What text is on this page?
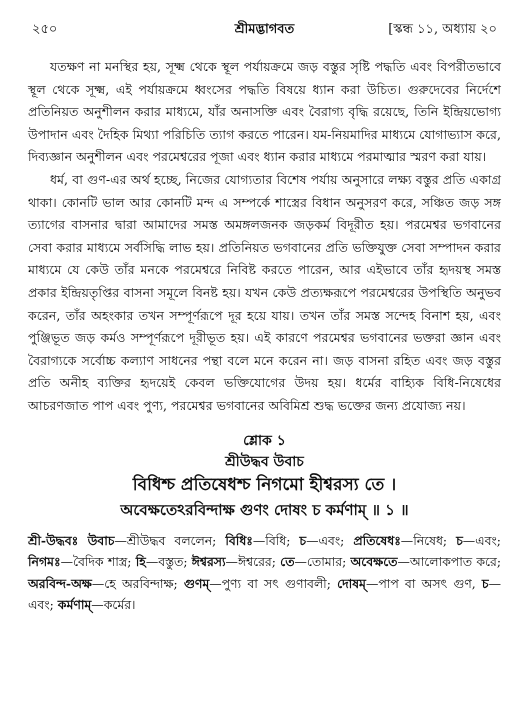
২৫০	শ্রীমদ্ভাগবত	[স্কন্ধ ১১, অধ্যায় ২০

যতক্ষণ না মনস্থির হয়, সূক্ষ্ম থেকে স্থূল পর্যায়ক্রমে জড় বস্তুর সৃষ্টি পদ্ধতি এবং বিপরীতভাবে স্থূল থেকে সূক্ষ্ম, এই পর্যায়ক্রমে ধ্বংসের পদ্ধতি বিষয়ে ধ্যান করা উচিত। গুরুদেবের নির্দেশে প্রতিনিয়ত অনুশীলন করার মাধ্যমে, যাঁর অনাসক্তি এবং বৈরাগ্য বৃদ্ধি রয়েছে, তিনি ইন্দ্রিয়ভোগ্য উপাদান এবং দৈহিক মিথ্যা পরিচিতি ত্যাগ করতে পারেন। যম-নিয়মাদির মাধ্যমে যোগাভ্যাস করে, দিব্যজ্ঞান অনুশীলন এবং পরমেশ্বরের পূজা এবং ধ্যান করার মাধ্যমে পরমাত্মার স্মরণ করা যায়।

ধর্ম, বা গুণ-এর অর্থ হচ্ছে, নিজের যোগ্যতার বিশেষ পর্যায় অনুসারে লক্ষ্য বস্তুর প্রতি একাগ্র থাকা। কোনটি ভাল আর কোনটি মন্দ এ সম্পর্কে শাস্ত্রের বিধান অনুসরণ করে, সঞ্চিত জড় সঙ্গ ত্যাগের বাসনার দ্বারা আমাদের সমস্ত অমঙ্গলজনক জড়কর্ম বিদূরীত হয়। পরমেশ্বর ভগবানের সেবা করার মাধ্যমে সর্বসিদ্ধি লাভ হয়। প্রতিনিয়ত ভগবানের প্রতি ভক্তিযুক্ত সেবা সম্পাদন করার মাধ্যমে যে কেউ তাঁর মনকে পরমেশ্বরে নিবিষ্ট করতে পারেন, আর এইভাবে তাঁর হৃদয়স্থ সমস্ত প্রকার ইন্দ্রিয়তৃপ্তির বাসনা সমূলে বিনষ্ট হয়। যখন কেউ প্রত্যক্ষরূপে পরমেশ্বরের উপস্থিতি অনুভব করেন, তাঁর অহংকার তখন সম্পূর্ণরূপে দূর হয়ে যায়। তখন তাঁর সমস্ত সন্দেহ বিনাশ হয়, এবং পুঞ্জিভূত জড় কর্মও সম্পূর্ণরূপে দূরীভূত হয়। এই কারণে পরমেশ্বর ভগবানের ভক্তরা জ্ঞান এবং বৈরাগ্যকে সর্বোচ্চ কল্যাণ সাধনের পন্থা বলে মনে করেন না। জড় বাসনা রহিত এবং জড় বস্তুর প্রতি অনীহ ব্যক্তির হৃদয়েই কেবল ভক্তিযোগের উদয় হয়। ধর্মের বাহ্যিক বিধি-নিষেধের আচরণজাত পাপ এবং পুণ্য, পরমেশ্বর ভগবানের অবিমিশ্র শুদ্ধ ভক্তের জন্য প্রযোজ্য নয়।

শ্লোক ১
শ্রীউদ্ধব উবাচ
বিধিশ্চ প্রতিষেধশ্চ নিগমো হীশ্বরস্য তে ।
অবেক্ষতেঽরবিন্দাক্ষ গুণং দোষং চ কর্মণাম্ ॥ ১ ॥
শ্রী-উদ্ধবঃ উবাচ—শ্রীউদ্ধব বললেন; বিধিঃ—বিধি; চ—এবং; প্রতিষেধঃ—নিষেধ; চ—এবং; নিগমঃ—বৈদিক শাস্ত্র; হি—বস্তুত; ঈশ্বরস্য—ঈশ্বরের; তে—তোমার; অবেক্ষতে—আলোকপাত করে; অরবিন্দ-অক্ষ—হে অরবিন্দাক্ষ; গুণম্—পুণ্য বা সৎ গুণাবলী; দোষম্—পাপ বা অসৎ গুণ, চ—এবং; কর্মণাম্—কর্মের।
